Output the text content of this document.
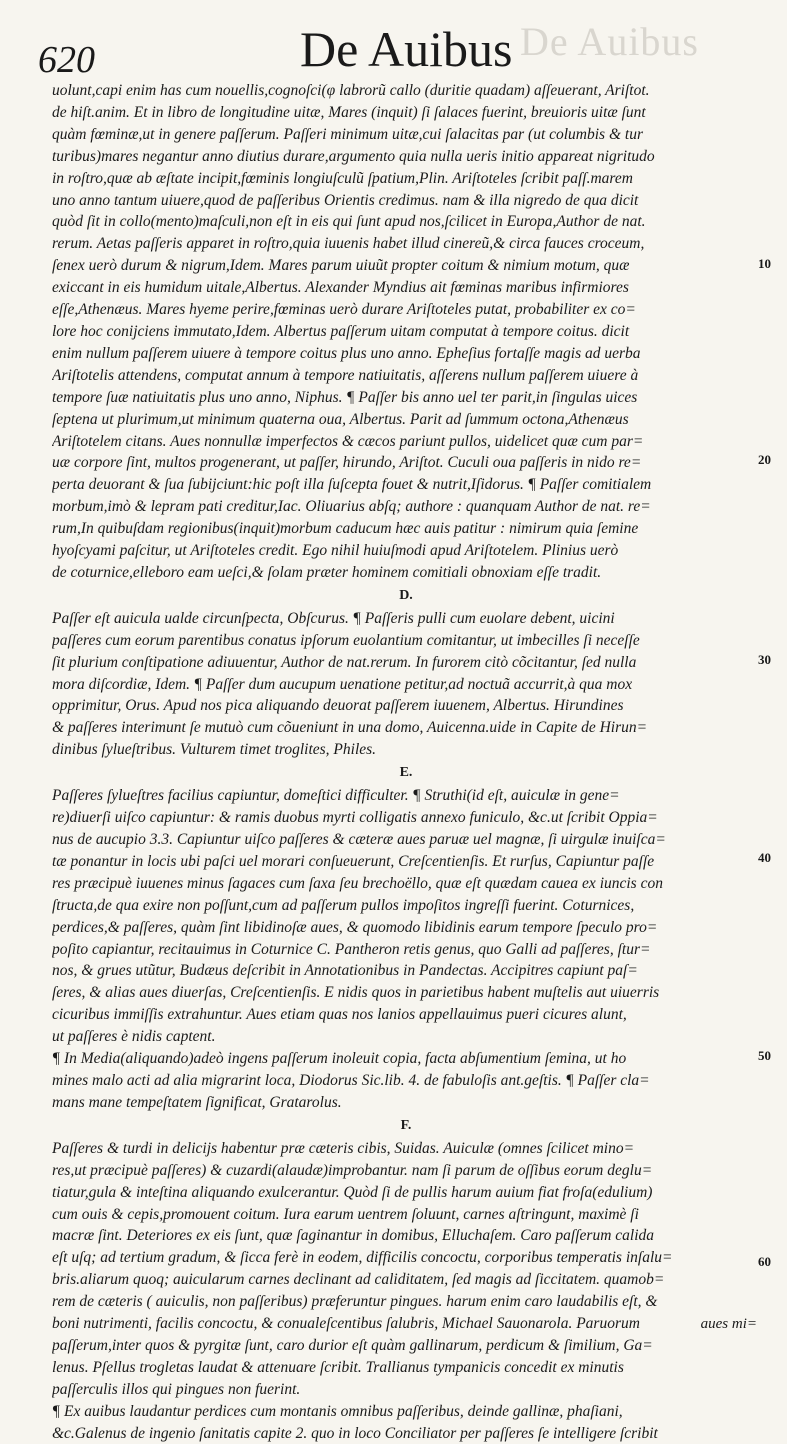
De Auibus
620	De Auibus
uolunt,capi enim has cum nouellis,cognoſci(φ labrorũ callo (duritie quadam) aſſeuerant, Ariſtot.
de hiſt.anim. Et in libro de longitudine uitæ, Mares (inquit) ſi ſalaces fuerint, breuioris uitæ ſunt
quàm fœminæ,ut in genere paſſerum. Paſſeri minimum uitæ,cui ſalacitas par (ut columbis & tur
turibus)mares negantur anno diutius durare,argumento quia nulla ueris initio appareat nigritudo
in roſtro,quæ ab æſtate incipit,fœminis longiuſculũ ſpatium,Plin. Ariſtoteles ſcribit paſſ.marem
uno anno tantum uiuere,quod de paſſeribus Orientis credimus. nam & illa nigredo de qua dicit
quòd ſit in collo(mento)maſculi,non eſt in eis qui ſunt apud nos,ſcilicet in Europa,Author de nat.
rerum. Aetas paſſeris apparet in roſtro,quia iuuenis habet illud cinereũ,& circa fauces croceum,
ſenex uerò durum & nigrum,Idem. Mares parum uiuũt propter coitum & nimium motum, quæ
exiccant in eis humidum uitale,Albertus. Alexander Myndius ait fœminas maribus infirmiores
eſſe,Athenæus. Mares hyeme perire,fœminas uerò durare Ariſtoteles putat, probabiliter ex co=
lore hoc conijciens immutato,Idem. Albertus paſſerum uitam computat à tempore coitus. dicit
enim nullum paſſerem uiuere à tempore coitus plus uno anno. Epheſius fortaſſe magis ad uerba
Ariſtotelis attendens, computat annum à tempore natiuitatis, aſſerens nullum paſſerem uiuere à
tempore ſuæ natiuitatis plus uno anno, Niphus. ¶ Paſſer bis anno uel ter parit,in ſingulas uices
ſeptena ut plurimum,ut minimum quaterna oua, Albertus. Parit ad ſummum octona,Athenæus
Ariſtotelem citans. Aues nonnullæ imperfectos & cæcos pariunt pullos, uidelicet quæ cum par=
uæ corpore ſint, multos progenerant, ut paſſer, hirundo, Ariſtot. Cuculi oua paſſeris in nido re=
perta deuorant & ſua ſubijciunt:hic poſt illa ſuſcepta fouet & nutrit,Iſidorus. ¶ Paſſer comitialem
morbum,imò & lepram pati creditur,Iac. Oliuarius abſq; authore : quanquam Author de nat. re=
rum,In quibuſdam regionibus(inquit)morbum caducum hæc auis patitur : nimirum quia ſemine
hyoſcyami paſcitur, ut Ariſtoteles credit. Ego nihil huiuſmodi apud Ariſtotelem. Plinius uerò
de coturnice,elleboro eam ueſci,& ſolam præter hominem comitiali obnoxiam eſſe tradit.
D.
Paſſer eſt auicula ualde circunſpecta, Obſcurus. ¶ Paſſeris pulli cum euolare debent, uicini
paſſeres cum eorum parentibus conatus ipſorum euolantium comitantur, ut imbecilles ſi neceſſe
ſit plurium conſtipatione adiuuentur, Author de nat.rerum. In furorem citò cõcitantur, ſed nulla
mora diſcordiæ, Idem. ¶ Paſſer dum aucupum uenatione petitur,ad noctuã accurrit,à qua mox
opprimitur, Orus. Apud nos pica aliquando deuorat paſſerem iuuenem, Albertus. Hirundines
& paſſeres interimunt ſe mutuò cum cõueniunt in una domo, Auicenna.uide in Capite de Hirun=
dinibus ſylueſtribus. Vulturem timet troglites, Philes.
E.
Paſſeres ſylueſtres facilius capiuntur, domeſtici difficulter. ¶ Struthi(id eſt, auiculæ in gene=
re)diuerſi uiſco capiuntur: & ramis duobus myrti colligatis annexo funiculo, &c.ut ſcribit Oppia=
nus de aucupio 3.3. Capiuntur uiſco paſſeres & cæteræ aues paruæ uel magnæ, ſi uirgulæ inuiſca=
tæ ponantur in locis ubi paſci uel morari conſueuerunt, Creſcentienſis. Et rurſus, Capiuntur paſſe
res præcipuè iuuenes minus ſagaces cum ſaxa ſeu brechoëllo, quæ eſt quædam cauea ex iuncis con
ſtructa,de qua exire non poſſunt,cum ad paſſerum pullos impoſitos ingreſſi fuerint. Coturnices,
perdices,& paſſeres, quàm ſint libidinoſæ aues, & quomodo libidinis earum tempore ſpeculo pro=
poſito capiantur, recitauimus in Coturnice C. Pantheron retis genus, quo Galli ad paſſeres, ſtur=
nos, & grues utũtur, Budæus deſcribit in Annotationibus in Pandectas. Accipitres capiunt paſ=
ſeres, & alias aues diuerſas, Creſcentienſis. E nidis quos in parietibus habent muſtelis aut uiuerris
cicuribus immiſſis extrahuntur. Aues etiam quas nos lanios appellauimus pueri cicures alunt,
ut paſſeres è nidis captent.
¶ In Media(aliquando)adeò ingens paſſerum inoleuit copia, facta abſumentium ſemina, ut ho
mines malo acti ad alia migrarint loca, Diodorus Sic.lib. 4. de fabuloſis ant.geſtis. ¶ Paſſer cla=
mans mane tempeſtatem ſignificat, Gratarolus.
F.
Paſſeres & turdi in delicijs habentur præ cæteris cibis, Suidas. Auiculæ (omnes ſcilicet mino=
res,ut præcipuè paſſeres) & cuzardi(alaudæ)improbantur. nam ſi parum de oſſibus eorum deglu=
tiatur,gula & inteſtina aliquando exulcerantur. Quòd ſi de pullis harum auium fiat froſa(edulium)
cum ouis & cepis,promouent coitum. Iura earum uentrem ſoluunt, carnes aſtringunt, maximè ſi
macræ ſint. Deteriores ex eis ſunt, quæ ſaginantur in domibus, Elluchaſem. Caro paſſerum calida
eſt uſq; ad tertium gradum, & ſicca ferè in eodem, difficilis concoctu, corporibus temperatis inſalu=
bris.aliarum quoq; auicularum carnes declinant ad caliditatem, ſed magis ad ſiccitatem. quamob=
rem de cæteris ( auiculis, non paſſeribus) præferuntur pingues. harum enim caro laudabilis eſt, &
boni nutrimenti, facilis concoctu, & conualeſcentibus ſalubris, Michael Sauonarola. Paruorum
paſſerum,inter quos & pyrgitæ ſunt, caro durior eſt quàm gallinarum, perdicum & ſimilium, Ga=
lenus. Pſellus trogletas laudat & attenuare ſcribit. Trallianus tympanicis concedit ex minutis
paſſerculis illos qui pingues non fuerint.
¶ Ex auibus laudantur perdices cum montanis omnibus paſſeribus, deinde gallinæ, phaſiani,
&c.Galenus de ingenio ſanitatis capite 2. quo in loco Conciliator per paſſeres ſe intelligere ſcribit
10
20
30
40
50
60
aues mi=
